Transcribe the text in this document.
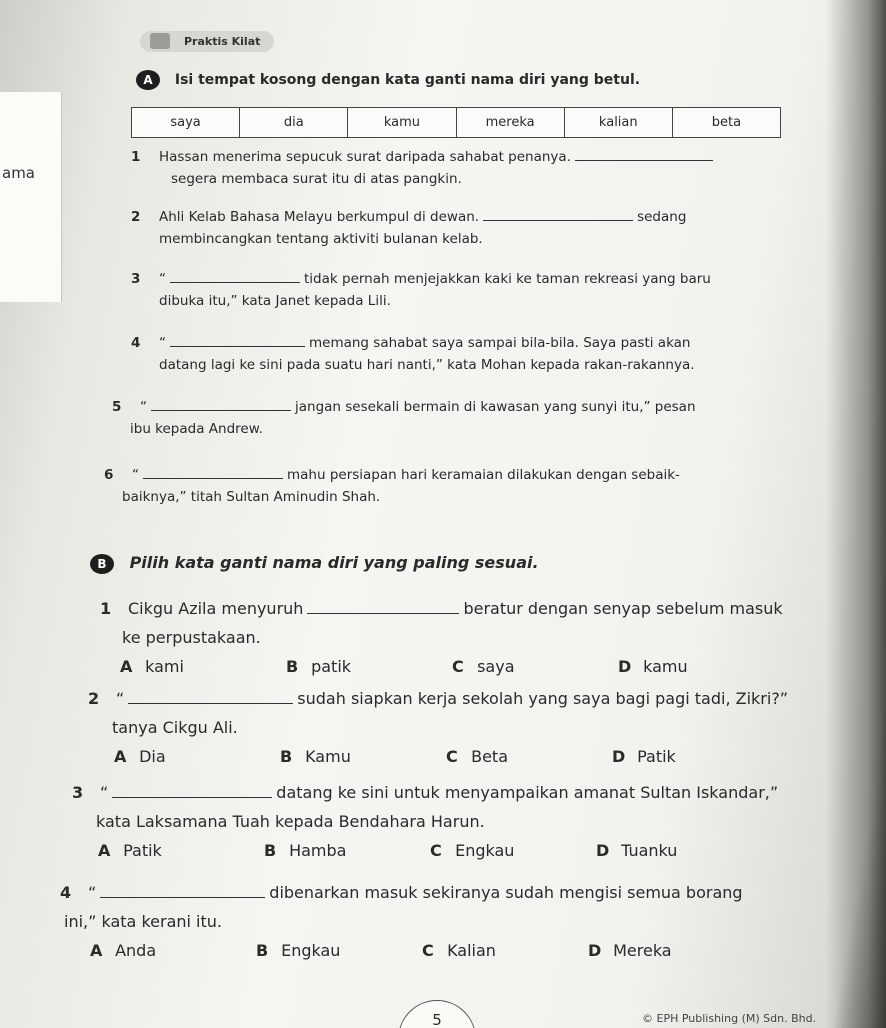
ama
Praktis Kilat
A Isi tempat kosong dengan kata ganti nama diri yang betul.
saya	dia	kamu	mereka	kalian	beta
1 Hassan menerima sepucuk surat daripada sahabat penanya.
segera membaca surat itu di atas pangkin.
2 Ahli Kelab Bahasa Melayu berkumpul di dewan.	sedang
membincangkan tentang aktiviti bulanan kelab.
3 “	tidak pernah menjejakkan kaki ke taman rekreasi yang baru
dibuka itu,” kata Janet kepada Lili.
4 “	memang sahabat saya sampai bila-bila. Saya pasti akan
datang lagi ke sini pada suatu hari nanti,” kata Mohan kepada rakan-rakannya.
5 “	jangan sesekali bermain di kawasan yang sunyi itu,” pesan
ibu kepada Andrew.
6 “	mahu persiapan hari keramaian dilakukan dengan sebaik-
baiknya,” titah Sultan Aminudin Shah.
B Pilih kata ganti nama diri yang paling sesuai.
1 Cikgu Azila menyuruh	beratur dengan senyap sebelum masuk
ke perpustakaan.
A kami	B patik	C saya	D kamu
2 “	sudah siapkan kerja sekolah yang saya bagi pagi tadi, Zikri?”
tanya Cikgu Ali.
A Dia	B Kamu	C Beta	D Patik
3 “	datang ke sini untuk menyampaikan amanat Sultan Iskandar,”
kata Laksamana Tuah kepada Bendahara Harun.
A Patik	B Hamba	C Engkau	D Tuanku
4 “	dibenarkan masuk sekiranya sudah mengisi semua borang
ini,” kata kerani itu.
A Anda	B Engkau	C Kalian	D Mereka
5	© EPH Publishing (M) Sdn. Bhd.
